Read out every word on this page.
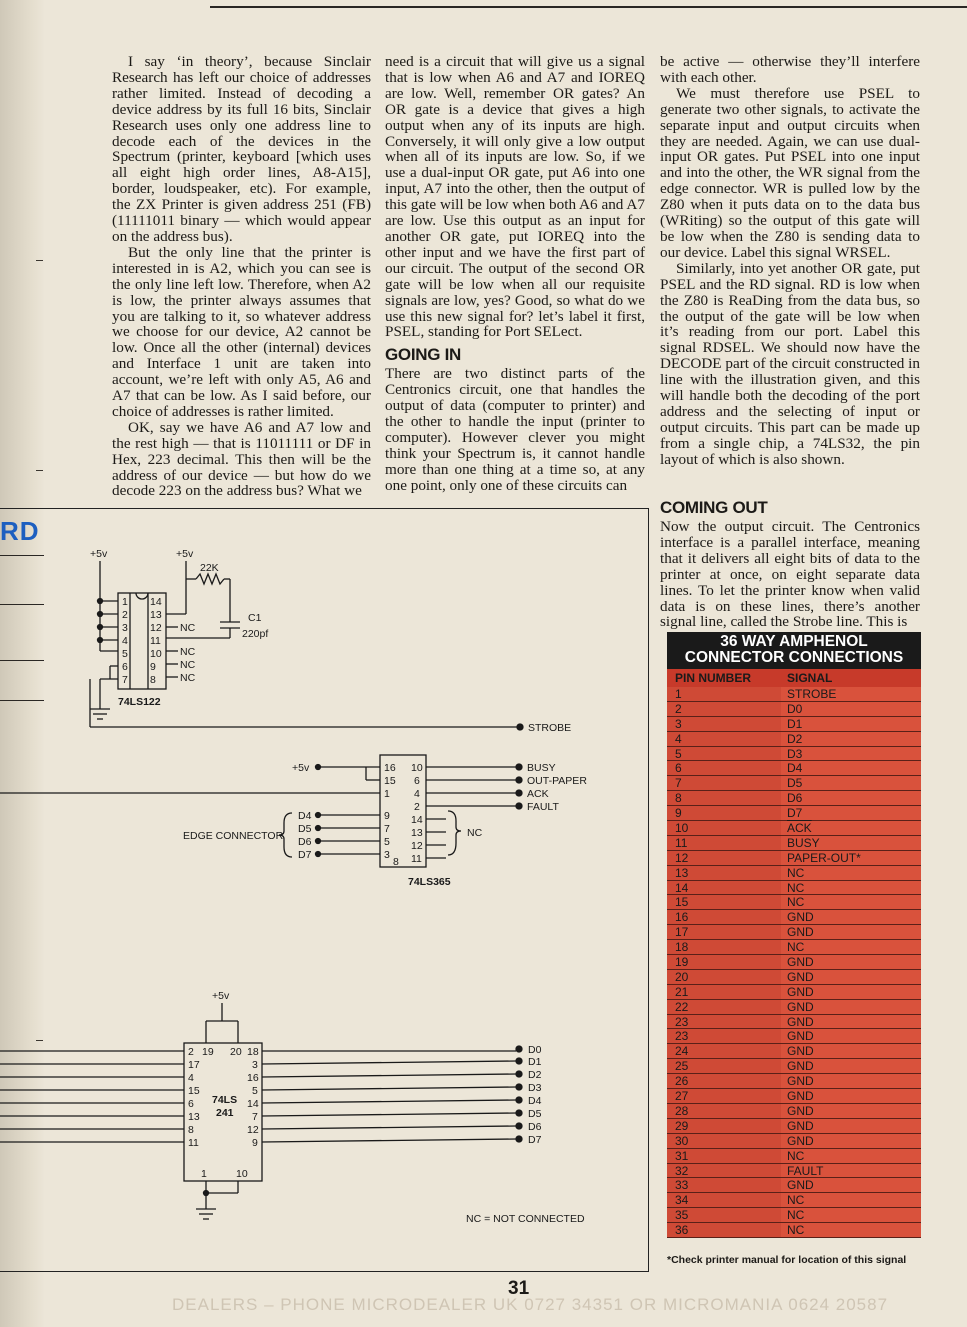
RD

I say ‘in theory’, because Sinclair Research has left our choice of addresses rather limited. Instead of decoding a device address by its full 16 bits, Sinclair Research uses only one address line to decode each of the devices in the Spectrum (printer, keyboard [which uses all eight high order lines, A8-A15], border, loudspeaker, etc). For example, the ZX Printer is given address 251 (FB) (11111011 binary — which would appear on the address bus).

But the only line that the printer is interested in is A2, which you can see is the only line left low. Therefore, when A2 is low, the printer always assumes that you are talking to it, so whatever address we choose for our device, A2 cannot be low. Once all the other (internal) devices and Interface 1 unit are taken into account, we’re left with only A5, A6 and A7 that can be low. As I said before, our choice of addresses is rather limited.

OK, say we have A6 and A7 low and the rest high — that is 11011111 or DF in Hex, 223 decimal. This then will be the address of our device — but how do we decode 223 on the address bus? What we

need is a circuit that will give us a signal that is low when A6 and A7 and IOREQ are low. Well, remember OR gates? An OR gate is a device that gives a high output when any of its inputs are high. Conversely, it will only give a low output when all of its inputs are low. So, if we use a dual-input OR gate, put A6 into one input, A7 into the other, then the output of this gate will be low when both A6 and A7 are low. Use this output as an input for another OR gate, put IOREQ into the other input and we have the first part of our circuit. The output of the second OR gate will be low when all our requisite signals are low, yes? Good, so what do we use this new signal for? let’s label it first, PSEL, standing for Port SELect.

GOING IN

There are two distinct parts of the Centronics circuit, one that handles the output of data (computer to printer) and the other to handle the input (printer to computer). However clever you might think your Spectrum is, it cannot handle more than one thing at a time so, at any one point, only one of these circuits can

be active — otherwise they’ll interfere with each other.

We must therefore use PSEL to generate two other signals, to activate the separate input and output circuits when they are needed. Again, we can use dual-input OR gates. Put PSEL into one input and into the other, the WR signal from the edge connector. WR is pulled low by the Z80 when it puts data on to the data bus (WRiting) so the output of this gate will be low when the Z80 is sending data to our device. Label this signal WRSEL.

Similarly, into yet another OR gate, put PSEL and the RD signal. RD is low when the Z80 is ReaDing from the data bus, so the output of the gate will be low when it’s reading from our port. Label this signal RDSEL. We should now have the DECODE part of the circuit constructed in line with the illustration given, and this will handle both the decoding of the port address and the selecting of input or output circuits. This part can be made up from a single chip, a 74LS32, the pin layout of which is also shown.

COMING OUT

Now the output circuit. The Centronics interface is a parallel interface, meaning that it delivers all eight bits of data to the printer at once, on eight separate data lines. To let the printer know when valid data is on these lines, there’s another signal line, called the Strobe line. This is

74LS122
1
2
3
4
5
6
7
14
13
12
11
10
9
8
+5v	+5v
22K
C1
220pf
NC
NC
NC
NC
STROBE
16
15
1
9
7
5
3
10
6
4
2
14
13
12
11
8
74LS365
+5v	BUSY
OUT-PAPER
ACK
FAULT
EDGE CONNECTOR
D4
D5
D6
D7
NC
+5v
2
17
4
15
6
13
8
11
19 20 18
3
16
5
14
7
12
9
74LS
241
1	10
D0
D1
D2
D3
D4
D5
D6
D7
NC = NOT CONNECTED
36 WAY AMPHENOL
CONNECTOR CONNECTIONS
PIN NUMBER	SIGNAL
1	STROBE
2	D0
3	D1
4	D2
5	D3
6	D4
7	D5
8	D6
9	D7
10	$\overline{ACK}$
11	BUSY
12	PAPER-OUT*
13	NC
14	NC
15	NC
16	GND
17	GND
18	NC
19	GND
20	GND
21	GND
22	GND
23	GND
23	GND
24	GND
25	GND
26	GND
27	GND
28	GND
29	GND
30	GND
31	NC
32	FAULT
33	GND
34	NC
35	NC
36	NC
*Check printer manual for location of this signal
31
DEALERS – PHONE MICRODEALER UK 0727 34351 OR MICROMANIA 0624 20587
